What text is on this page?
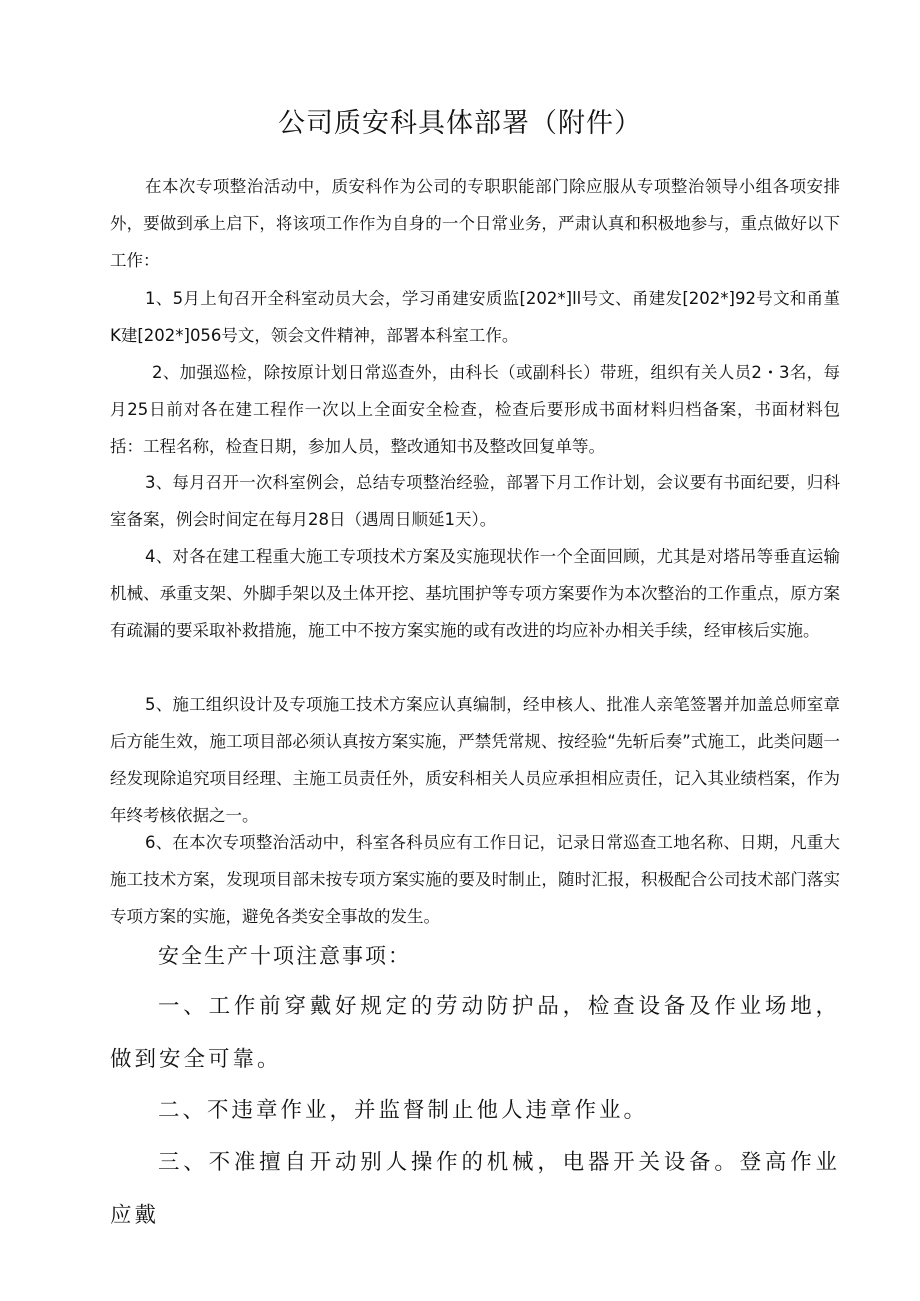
公司质安科具体部署（附件）

在本次专项整治活动中，质安科作为公司的专职职能部门除应服从专项整治领导小组各项安排外，要做到承上启下，将该项工作作为自身的一个日常业务，严肃认真和积极地参与，重点做好以下工作：

1、5月上旬召开全科室动员大会，学习甬建安质监[202*]ll号文、甬建发[202*]92号文和甬堇K建[202*]056号文，领会文件精神，部署本科室工作。

2、加强巡检，除按原计划日常巡查外，由科长（或副科长）带班，组织有关人员2・3名，每月25日前对各在建工程作一次以上全面安全检查，检查后要形成书面材料归档备案，书面材料包括：工程名称，检查日期，参加人员，整改通知书及整改回复单等。

3、每月召开一次科室例会，总结专项整治经验，部署下月工作计划，会议要有书面纪要，归科室备案，例会时间定在每月28日（遇周日顺延1天）。

4、对各在建工程重大施工专项技术方案及实施现状作一个全面回顾，尤其是对塔吊等垂直运输机械、承重支架、外脚手架以及土体开挖、基坑围护等专项方案要作为本次整治的工作重点，原方案有疏漏的要采取补救措施，施工中不按方案实施的或有改进的均应补办相关手续，经审核后实施。

5、施工组织设计及专项施工技术方案应认真编制，经申核人、批准人亲笔签署并加盖总师室章后方能生效，施工项目部必须认真按方案实施，严禁凭常规、按经验“先斩后奏”式施工，此类问题一经发现除追究项目经理、主施工员责任外，质安科相关人员应承担相应责任，记入其业绩档案，作为年终考核依据之一。

6、在本次专项整治活动中，科室各科员应有工作日记，记录日常巡查工地名称、日期，凡重大施工技术方案，发现项目部未按专项方案实施的要及时制止，随时汇报，积极配合公司技术部门落实专项方案的实施，避免各类安全事故的发生。

安全生产十项注意事项：

一、工作前穿戴好规定的劳动防护品，检查设备及作业场地，做到安全可靠。

二、不违章作业，并监督制止他人违章作业。

三、不准擅自开动别人操作的机械，电器开关设备。登高作业应戴
